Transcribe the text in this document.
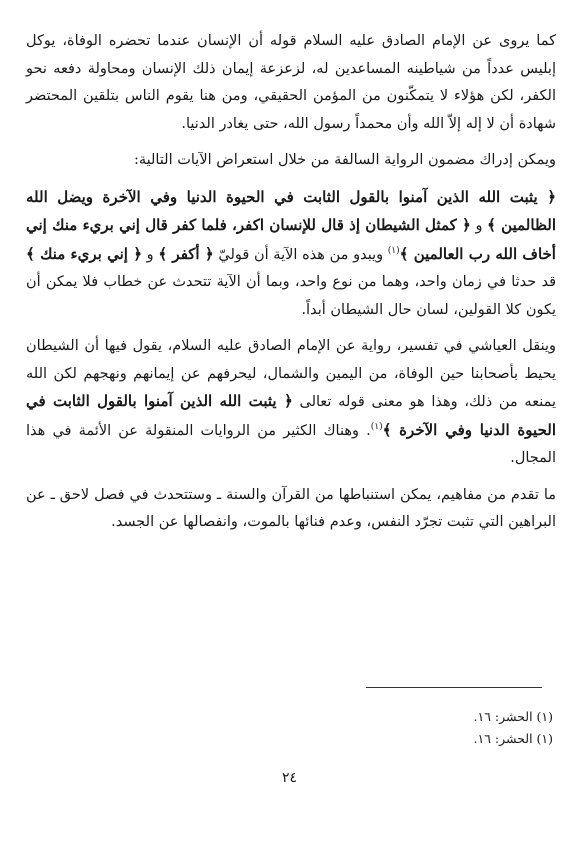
كما يروى عن الإمام الصادق عليه السلام قوله أن الإنسان عندما تحضره الوفاة، يوكل إبليس عدداً من شياطينه المساعدين له، لزعزعة إيمان ذلك الإنسان ومحاولة دفعه نحو الكفر، لكن هؤلاء لا يتمكّنون من المؤمن الحقيقي، ومن هنا يقوم الناس بتلقين المحتضر شهادة أن لا إله إلاّ الله وأن محمداً رسول الله، حتى يغادر الدنيا.

ويمكن إدراك مضمون الرواية السالفة من خلال استعراض الآيات التالية:

﴿ يثبت الله الذين آمنوا بالقول الثابت في الحيوة الدنيا وفي الآخرة ويضل الله الظالمين ﴾ و ﴿ كمثل الشيطان إذ قال للإنسان اكفر، فلما كفر قال إني بريء منك إني أخاف الله رب العالمين ﴾$^{(١)}$ ويبدو من هذه الآية أن قوليّ ﴿ أكفر ﴾ و ﴿ إني بريء منك ﴾ قد حدثا في زمان واحد، وهما من نوع واحد، وبما أن الآية تتحدث عن خطاب فلا يمكن أن يكون كلا القولين، لسان حال الشيطان أبداً.

وينقل العياشي في تفسير، رواية عن الإمام الصادق عليه السلام، يقول فيها أن الشيطان يحيط بأصحابنا حين الوفاة، من اليمين والشمال، ليحرفهم عن إيمانهم ونهجهم لكن الله يمنعه من ذلك، وهذا هو معنى قوله تعالى ﴿ يثبت الله الذين آمنوا بالقول الثابت في الحيوة الدنيا وفي الآخرة ﴾$^{(١)}$. وهناك الكثير من الروايات المنقولة عن الأئمة في هذا المجال.

ما تقدم من مفاهيم، يمكن استنباطها من القرآن والسنة ـ وستتحدث في فصل لاحق ـ عن البراهين التي تثبت تجرّد النفس، وعدم فنائها بالموت، وانفصالها عن الجسد.

(١) الحشر: ١٦.
(١) الحشر: ١٦.
٢٤
